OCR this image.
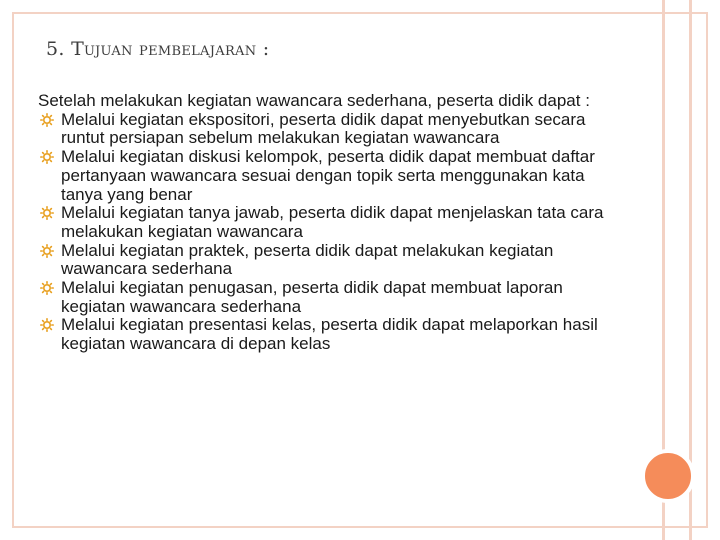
5. Tujuan pembelajaran :

Setelah melakukan kegiatan wawancara sederhana, peserta didik dapat :

Melalui kegiatan ekspositori, peserta didik dapat menyebutkan secara runtut persiapan sebelum melakukan kegiatan wawancara
Melalui kegiatan diskusi kelompok, peserta didik dapat membuat daftar pertanyaan wawancara sesuai dengan topik serta menggunakan kata tanya yang benar
Melalui kegiatan tanya jawab, peserta didik dapat menjelaskan tata cara melakukan kegiatan wawancara
Melalui kegiatan praktek, peserta didik dapat melakukan kegiatan wawancara sederhana
Melalui kegiatan penugasan, peserta didik dapat membuat laporan kegiatan wawancara sederhana
Melalui kegiatan presentasi kelas, peserta didik dapat melaporkan hasil kegiatan wawancara di depan kelas
